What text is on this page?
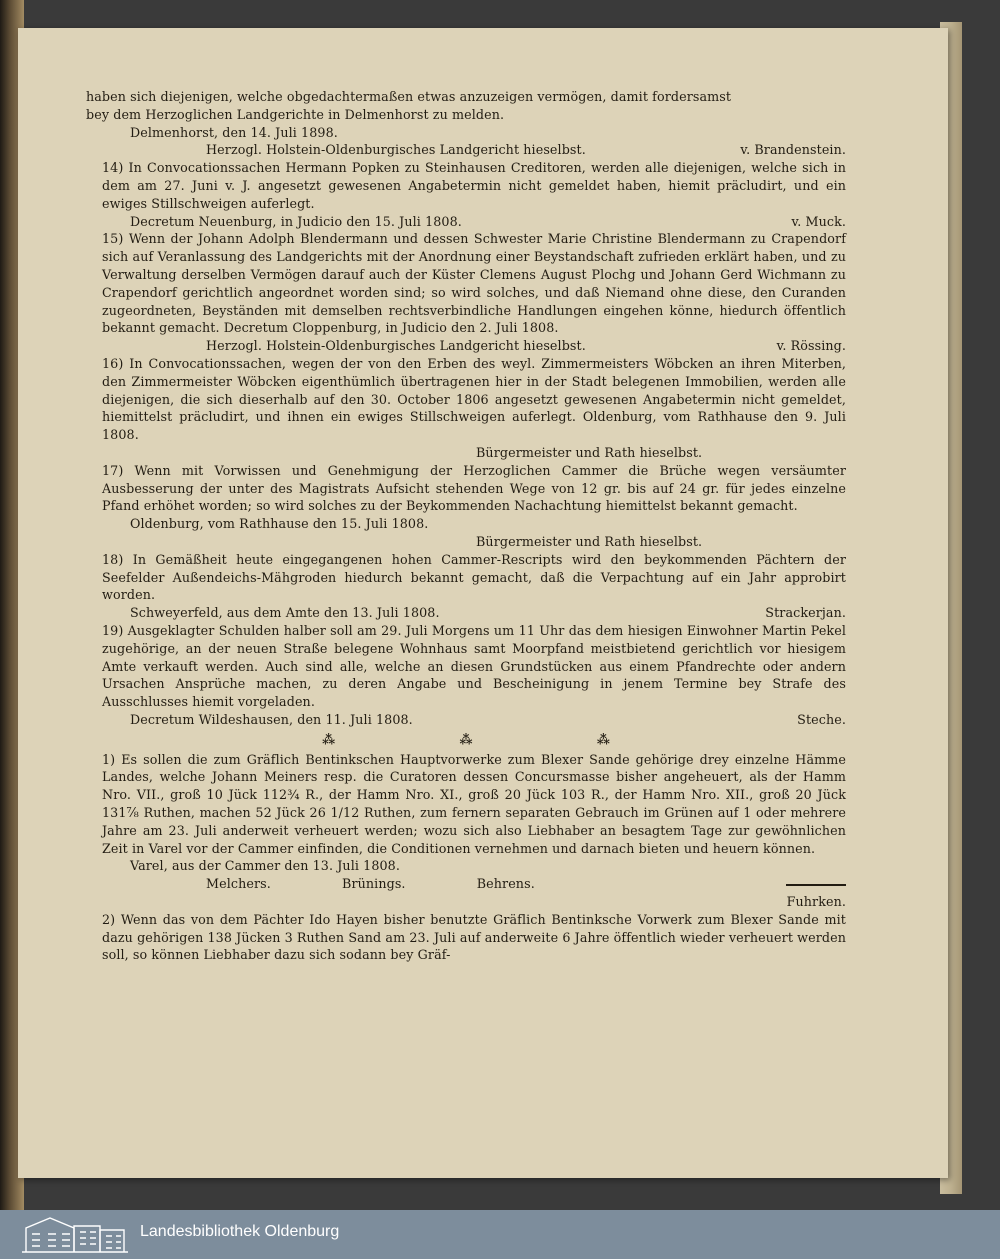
haben sich diejenigen, welche obgedachtermaßen etwas anzuzeigen vermögen, damit fordersamst
bey dem Herzoglichen Landgerichte in Delmenhorst zu melden.
Delmenhorst, den 14. Juli 1898.
Herzogl. Holstein-Oldenburgisches Landgericht hieselbst.	v. Brandenstein.
14) In Convocationssachen Hermann Popken zu Steinhausen Creditoren, werden alle diejenigen, welche sich in dem am 27. Juni v. J. angesetzt gewesenen Angabetermin nicht gemeldet haben, hiemit präcludirt, und ein ewiges Stillschweigen auferlegt.
Decretum Neuenburg, in Judicio den 15. Juli 1808.	v. Muck.
15) Wenn der Johann Adolph Blendermann und dessen Schwester Marie Christine Blendermann zu Crapendorf sich auf Veranlassung des Landgerichts mit der Anordnung einer Beystandschaft zufrieden erklärt haben, und zu Verwaltung derselben Vermögen darauf auch der Küster Clemens August Plochg und Johann Gerd Wichmann zu Crapendorf gerichtlich angeordnet worden sind; so wird solches, und daß Niemand ohne diese, den Curanden zugeordneten, Beyständen mit demselben rechtsverbindliche Handlungen eingehen könne, hiedurch öffentlich bekannt gemacht. Decretum Cloppenburg, in Judicio den 2. Juli 1808.
Herzogl. Holstein-Oldenburgisches Landgericht hieselbst.	v. Rössing.
16) In Convocationssachen, wegen der von den Erben des weyl. Zimmermeisters Wöbcken an ihren Miterben, den Zimmermeister Wöbcken eigenthümlich übertragenen hier in der Stadt belegenen Immobilien, werden alle diejenigen, die sich dieserhalb auf den 30. October 1806 angesetzt gewesenen Angabetermin nicht gemeldet, hiemittelst präcludirt, und ihnen ein ewiges Stillschweigen auferlegt. Oldenburg, vom Rathhause den 9. Juli 1808.
Bürgermeister und Rath hieselbst.
17) Wenn mit Vorwissen und Genehmigung der Herzoglichen Cammer die Brüche wegen versäumter Ausbesserung der unter des Magistrats Aufsicht stehenden Wege von 12 gr. bis auf 24 gr. für jedes einzelne Pfand erhöhet worden; so wird solches zu der Beykommenden Nachachtung hiemittelst bekannt gemacht.
Oldenburg, vom Rathhause den 15. Juli 1808.
Bürgermeister und Rath hieselbst.
18) In Gemäßheit heute eingegangenen hohen Cammer-Rescripts wird den beykommenden Pächtern der Seefelder Außendeichs-Mähgroden hiedurch bekannt gemacht, daß die Verpachtung auf ein Jahr approbirt worden.
Schweyerfeld, aus dem Amte den 13. Juli 1808.	Strackerjan.
19) Ausgeklagter Schulden halber soll am 29. Juli Morgens um 11 Uhr das dem hiesigen Einwohner Martin Pekel zugehörige, an der neuen Straße belegene Wohnhaus samt Moorpfand meistbietend gerichtlich vor hiesigem Amte verkauft werden. Auch sind alle, welche an diesen Grundstücken aus einem Pfandrechte oder andern Ursachen Ansprüche machen, zu deren Angabe und Bescheinigung in jenem Termine bey Strafe des Ausschlusses hiemit vorgeladen.
Decretum Wildeshausen, den 11. Juli 1808.	Steche.
⁂ ⁂ ⁂
1) Es sollen die zum Gräflich Bentinkschen Hauptvorwerke zum Blexer Sande gehörige drey einzelne Hämme Landes, welche Johann Meiners resp. die Curatoren dessen Concursmasse bisher angeheuert, als der Hamm Nro. VII., groß 10 Jück 112¾ R., der Hamm Nro. XI., groß 20 Jück 103 R., der Hamm Nro. XII., groß 20 Jück 131⅞ Ruthen, machen 52 Jück 26 1/12 Ruthen, zum fernern separaten Gebrauch im Grünen auf 1 oder mehrere Jahre am 23. Juli anderweit verheuert werden; wozu sich also Liebhaber an besagtem Tage zur gewöhnlichen Zeit in Varel vor der Cammer einfinden, die Conditionen vernehmen und darnach bieten und heuern können.
Varel, aus der Cammer den 13. Juli 1808.
Melchers.	Brünings.	Behrens.
Fuhrken.
2) Wenn das von dem Pächter Ido Hayen bisher benutzte Gräflich Bentinksche Vorwerk zum Blexer Sande mit dazu gehörigen 138 Jücken 3 Ruthen Sand am 23. Juli auf anderweite 6 Jahre öffentlich wieder verheuert werden soll, so können Liebhaber dazu sich sodann bey Gräf-
Landesbibliothek Oldenburg
